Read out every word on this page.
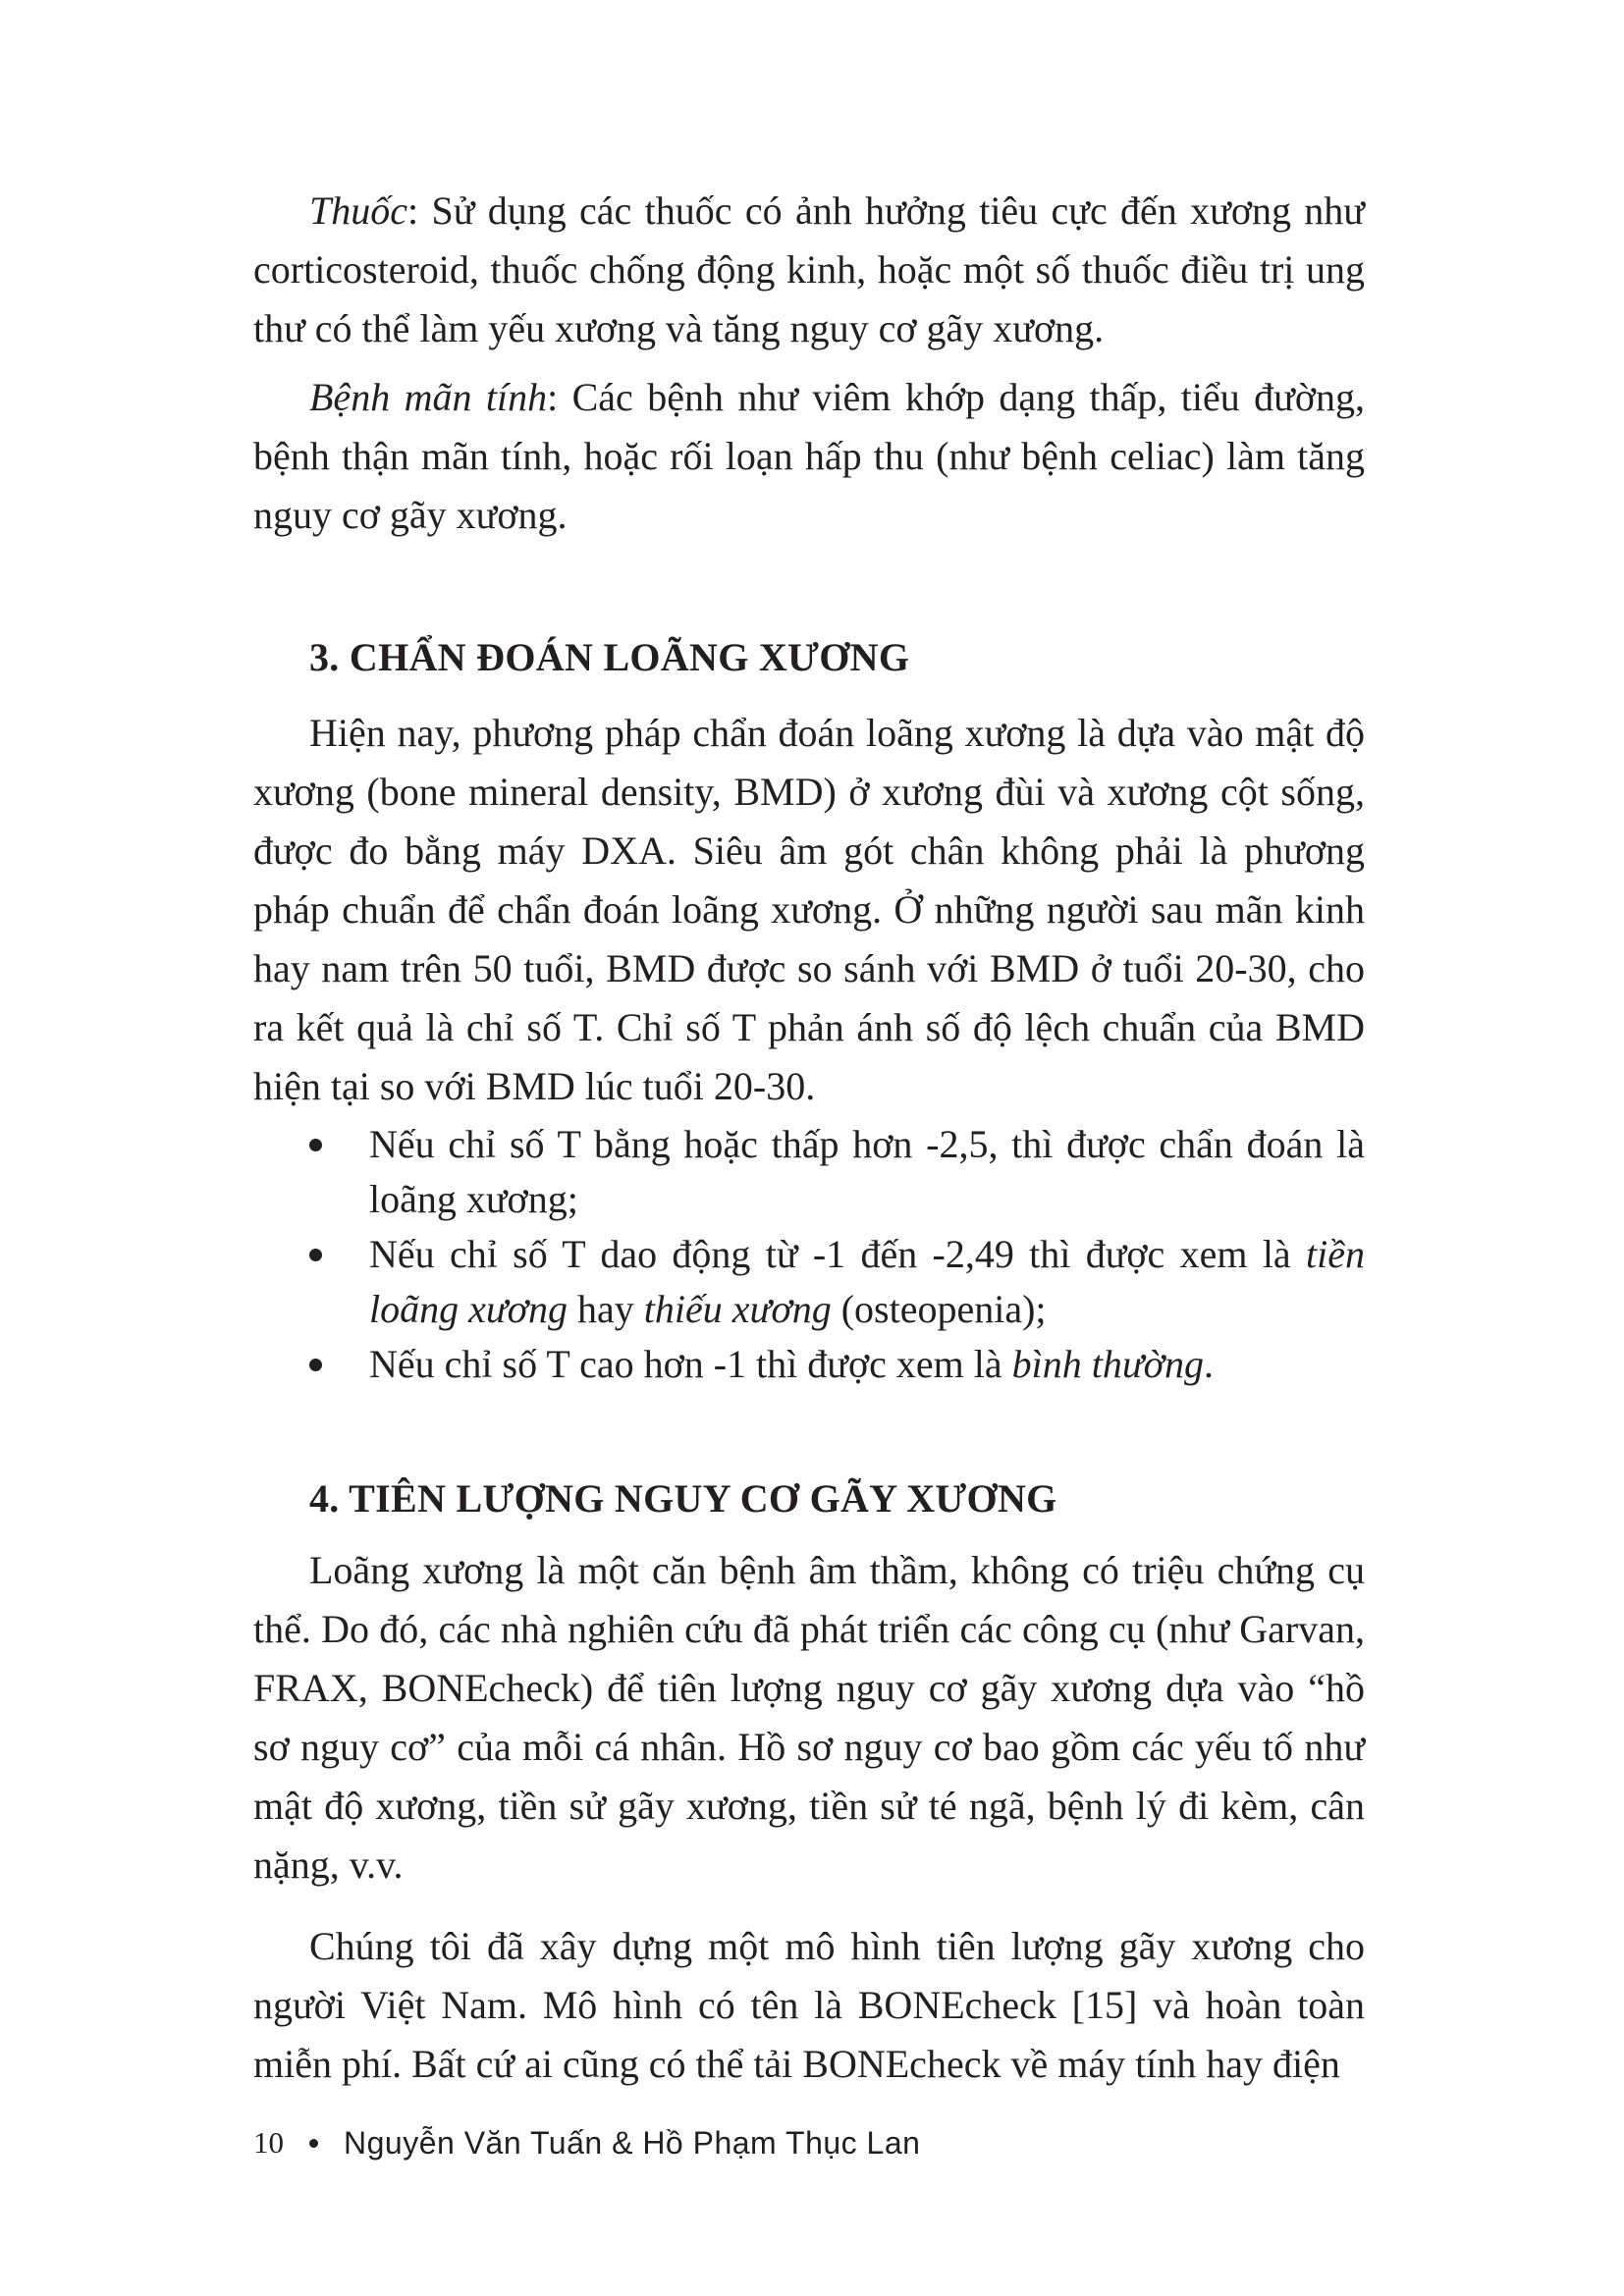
Thuốc: Sử dụng các thuốc có ảnh hưởng tiêu cực đến xương như corticosteroid, thuốc chống động kinh, hoặc một số thuốc điều trị ung thư có thể làm yếu xương và tăng nguy cơ gãy xương.

Bệnh mãn tính: Các bệnh như viêm khớp dạng thấp, tiểu đường, bệnh thận mãn tính, hoặc rối loạn hấp thu (như bệnh celiac) làm tăng nguy cơ gãy xương.

3. CHẨN ĐOÁN LOÃNG XƯƠNG

Hiện nay, phương pháp chẩn đoán loãng xương là dựa vào mật độ xương (bone mineral density, BMD) ở xương đùi và xương cột sống, được đo bằng máy DXA. Siêu âm gót chân không phải là phương pháp chuẩn để chẩn đoán loãng xương. Ở những người sau mãn kinh hay nam trên 50 tuổi, BMD được so sánh với BMD ở tuổi 20-30, cho ra kết quả là chỉ số T. Chỉ số T phản ánh số độ lệch chuẩn của BMD hiện tại so với BMD lúc tuổi 20-30.

Nếu chỉ số T bằng hoặc thấp hơn -2,5, thì được chẩn đoán là loãng xương;
Nếu chỉ số T dao động từ -1 đến -2,49 thì được xem là tiền loãng xương hay thiếu xương (osteopenia);
Nếu chỉ số T cao hơn -1 thì được xem là bình thường.
4. TIÊN LƯỢNG NGUY CƠ GÃY XƯƠNG

Loãng xương là một căn bệnh âm thầm, không có triệu chứng cụ thể. Do đó, các nhà nghiên cứu đã phát triển các công cụ (như Garvan, FRAX, BONEcheck) để tiên lượng nguy cơ gãy xương dựa vào “hồ sơ nguy cơ” của mỗi cá nhân. Hồ sơ nguy cơ bao gồm các yếu tố như mật độ xương, tiền sử gãy xương, tiền sử té ngã, bệnh lý đi kèm, cân nặng, v.v.

Chúng tôi đã xây dựng một mô hình tiên lượng gãy xương cho người Việt Nam. Mô hình có tên là BONEcheck [15] và hoàn toàn miễn phí. Bất cứ ai cũng có thể tải BONEcheck về máy tính hay điện

10 Nguyễn Văn Tuấn & Hồ Phạm Thục Lan
